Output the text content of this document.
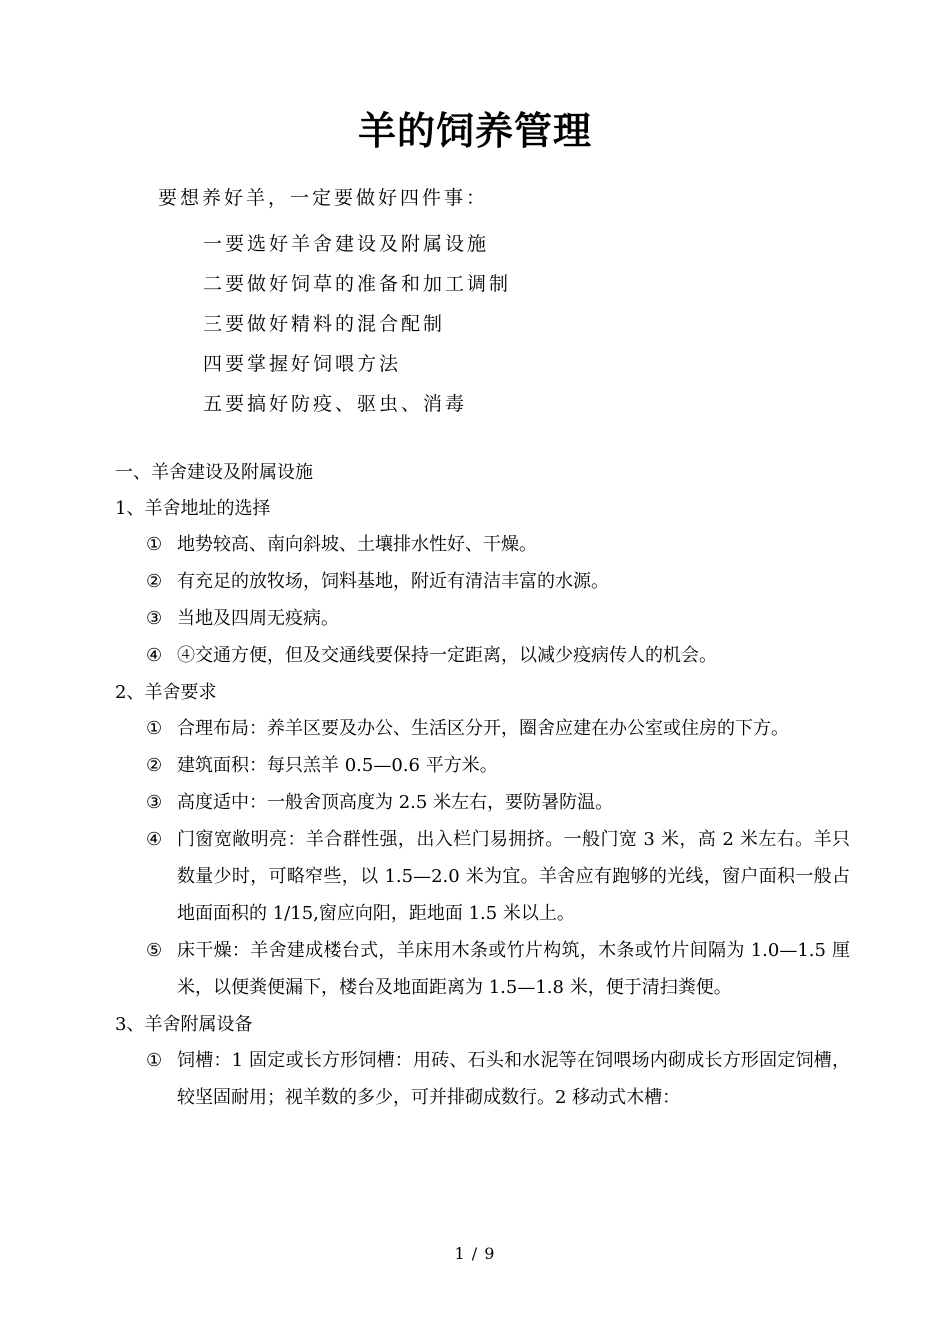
羊的饲养管理
要想养好羊，一定要做好四件事：
一要选好羊舍建设及附属设施
二要做好饲草的准备和加工调制
三要做好精料的混合配制
四要掌握好饲喂方法
五要搞好防疫、驱虫、消毒
一、羊舍建设及附属设施
1、羊舍地址的选择
① 地势较高、南向斜坡、土壤排水性好、干燥。
② 有充足的放牧场，饲料基地，附近有清洁丰富的水源。
③ 当地及四周无疫病。
④ ④交通方便，但及交通线要保持一定距离，以减少疫病传人的机会。
2、羊舍要求
① 合理布局：养羊区要及办公、生活区分开，圈舍应建在办公室或住房的下方。
② 建筑面积：每只羔羊 0.5—0.6 平方米。
③ 高度适中：一般舍顶高度为 2.5 米左右，要防暑防温。
④ 门窗宽敞明亮：羊合群性强，出入栏门易拥挤。一般门宽 3 米，高 2 米左右。羊只数量少时，可略窄些，以 1.5—2.0 米为宜。羊舍应有跑够的光线，窗户面积一般占地面面积的 1/15,窗应向阳，距地面 1.5 米以上。
⑤ 床干燥：羊舍建成楼台式，羊床用木条或竹片构筑，木条或竹片间隔为 1.0—1.5 厘米，以便粪便漏下，楼台及地面距离为 1.5—1.8 米，便于清扫粪便。
3、羊舍附属设备
① 饲槽：1 固定或长方形饲槽：用砖、石头和水泥等在饲喂场内砌成长方形固定饲槽，较坚固耐用；视羊数的多少，可并排砌成数行。2 移动式木槽：
1 / 9
